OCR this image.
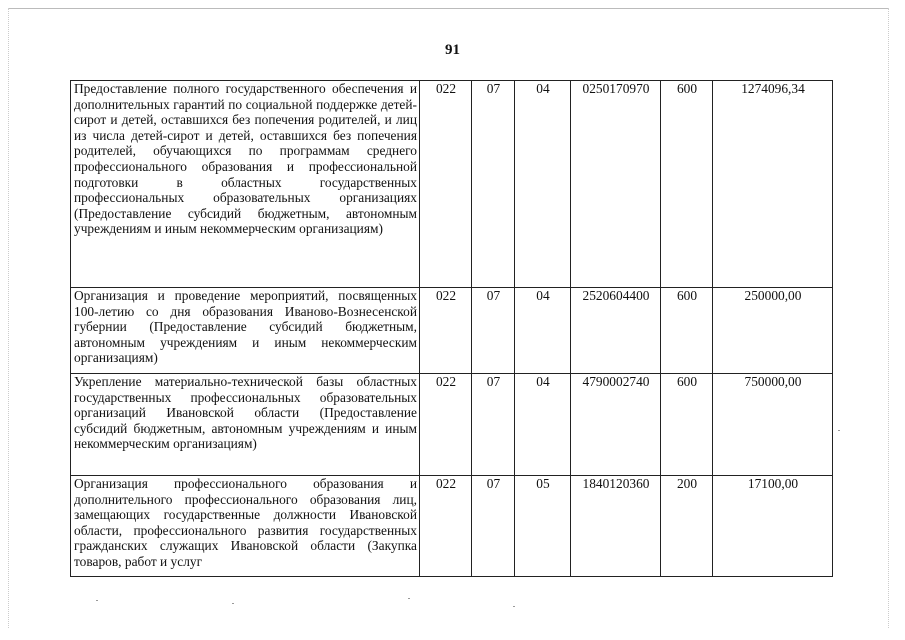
91
Предоставление полного государственного обеспечения и дополнительных гарантий по социальной поддержке детей-сирот и детей, оставшихся без попечения родителей, и лиц из числа детей-сирот и детей, оставшихся без попечения родителей, обучающихся по программам среднего профессионального образования и профессиональной подготовки в областных государственных профессиональных образовательных организациях (Предоставление субсидий бюджетным, автономным учреждениям и иным некоммерческим организациям)	022	07	04	0250170970	600	1274096,34
Организация и проведение мероприятий, посвященных 100-летию со дня образования Иваново-Вознесенской губернии (Предоставление субсидий бюджетным, автономным учреждениям и иным некоммерческим организациям)	022	07	04	2520604400	600	250000,00
Укрепление материально-технической базы областных государственных профессиональных образовательных организаций Ивановской области (Предоставление субсидий бюджетным, автономным учреждениям и иным некоммерческим организациям)	022	07	04	4790002740	600	750000,00
Организация профессионального образования и дополнительного профессионального образования лиц, замещающих государственные должности Ивановской области, профессионального развития государственных гражданских служащих Ивановской области (Закупка товаров, работ и услуг	022	07	05	1840120360	200	17100,00
